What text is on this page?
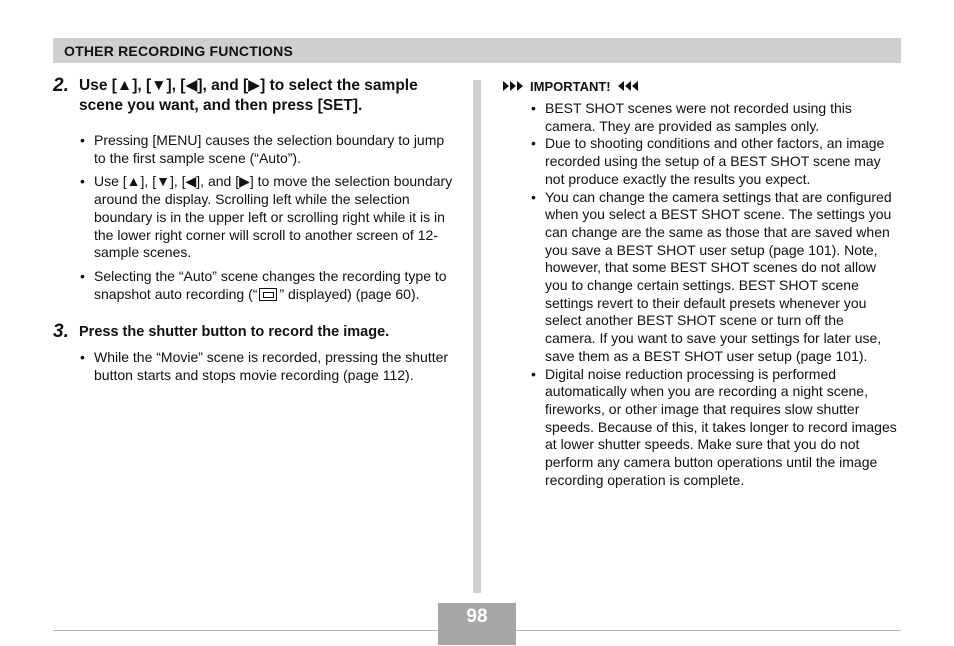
OTHER RECORDING FUNCTIONS
2. Use [▲], [▼], [◀], and [▶] to select the sample scene you want, and then press [SET].
• Pressing [MENU] causes the selection boundary to jump to the first sample scene (“Auto”).
• Use [▲], [▼], [◀], and [▶] to move the selection boundary around the display. Scrolling left while the selection boundary is in the upper left or scrolling right while it is in the lower right corner will scroll to another screen of 12-sample scenes.
• Selecting the “Auto” scene changes the recording type to snapshot auto recording (“ ” displayed) (page 60).
3. Press the shutter button to record the image.
• While the “Movie” scene is recorded, pressing the shutter button starts and stops movie recording (page 112).
IMPORTANT!
• BEST SHOT scenes were not recorded using this camera. They are provided as samples only.
• Due to shooting conditions and other factors, an image recorded using the setup of a BEST SHOT scene may not produce exactly the results you expect.
• You can change the camera settings that are configured when you select a BEST SHOT scene. The settings you can change are the same as those that are saved when you save a BEST SHOT user setup (page 101). Note, however, that some BEST SHOT scenes do not allow you to change certain settings. BEST SHOT scene settings revert to their default presets whenever you select another BEST SHOT scene or turn off the camera. If you want to save your settings for later use, save them as a BEST SHOT user setup (page 101).
• Digital noise reduction processing is performed automatically when you are recording a night scene, fireworks, or other image that requires slow shutter speeds. Because of this, it takes longer to record images at lower shutter speeds. Make sure that you do not perform any camera button operations until the image recording operation is complete.
98
